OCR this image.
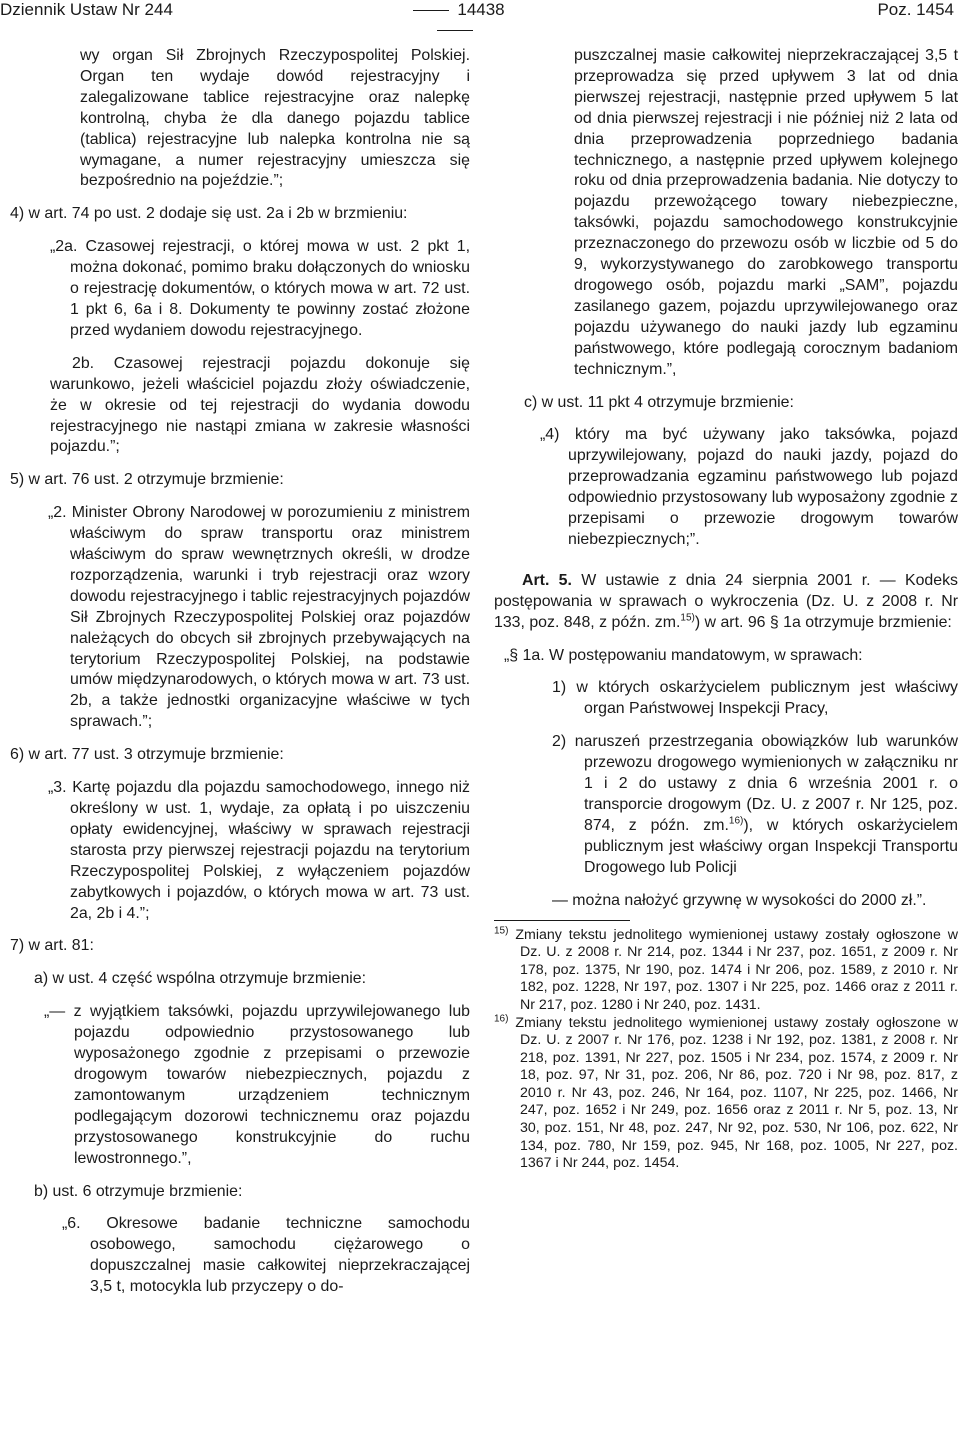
Dziennik Ustaw Nr 244	14438	Poz. 1454

wy organ Sił Zbrojnych Rzeczypospolitej Polskiej. Organ ten wydaje dowód rejestracyjny i zalegalizowane tablice rejestracyjne oraz nalepkę kontrolną, chyba że dla danego pojazdu tablice (tablica) rejestracyjne lub nalepka kontrolna nie są wymagane, a numer rejestracyjny umieszcza się bezpośrednio na pojeździe.”;

4) w art. 74 po ust. 2 dodaje się ust. 2a i 2b w brzmieniu:

„2a. Czasowej rejestracji, o której mowa w ust. 2 pkt 1, można dokonać, pomimo braku dołączonych do wniosku o rejestrację dokumentów, o których mowa w art. 72 ust. 1 pkt 6, 6a i 8. Dokumenty te powinny zostać złożone przed wydaniem dowodu rejestracyjnego.

2b. Czasowej rejestracji pojazdu dokonuje się warunkowo, jeżeli właściciel pojazdu złoży oświadczenie, że w okresie od tej rejestracji do wydania dowodu rejestracyjnego nie nastąpi zmiana w zakresie własności pojazdu.”;

5) w art. 76 ust. 2 otrzymuje brzmienie:

„2. Minister Obrony Narodowej w porozumieniu z ministrem właściwym do spraw transportu oraz ministrem właściwym do spraw wewnętrznych określi, w drodze rozporządzenia, warunki i tryb rejestracji oraz wzory dowodu rejestracyjnego i tablic rejestracyjnych pojazdów Sił Zbrojnych Rzeczypospolitej Polskiej oraz pojazdów należących do obcych sił zbrojnych przebywających na terytorium Rzeczypospolitej Polskiej, na podstawie umów międzynarodowych, o których mowa w art. 73 ust. 2b, a także jednostki organizacyjne właściwe w tych sprawach.”;

6) w art. 77 ust. 3 otrzymuje brzmienie:

„3. Kartę pojazdu dla pojazdu samochodowego, innego niż określony w ust. 1, wydaje, za opłatą i po uiszczeniu opłaty ewidencyjnej, właściwy w sprawach rejestracji starosta przy pierwszej rejestracji pojazdu na terytorium Rzeczypospolitej Polskiej, z wyłączeniem pojazdów zabytkowych i pojazdów, o których mowa w art. 73 ust. 2a, 2b i 4.”;

7) w art. 81:

a) w ust. 4 część wspólna otrzymuje brzmienie:

„— z wyjątkiem taksówki, pojazdu uprzywilejowanego lub pojazdu odpowiednio przystosowanego lub wyposażonego zgodnie z przepisami o przewozie drogowym towarów niebezpiecznych, pojazdu z zamontowanym urządzeniem technicznym podlegającym dozorowi technicznemu oraz pojazdu przystosowanego konstrukcyjnie do ruchu lewostronnego.”,

b) ust. 6 otrzymuje brzmienie:

„6. Okresowe badanie techniczne samochodu osobowego, samochodu ciężarowego o dopuszczalnej masie całkowitej nieprzekraczającej 3,5 t, motocykla lub przyczepy o do-

puszczalnej masie całkowitej nieprzekraczającej 3,5 t przeprowadza się przed upływem 3 lat od dnia pierwszej rejestracji, następnie przed upływem 5 lat od dnia pierwszej rejestracji i nie później niż 2 lata od dnia przeprowadzenia poprzedniego badania technicznego, a następnie przed upływem kolejnego roku od dnia przeprowadzenia badania. Nie dotyczy to pojazdu przewożącego towary niebezpieczne, taksówki, pojazdu samochodowego konstrukcyjnie przeznaczonego do przewozu osób w liczbie od 5 do 9, wykorzystywanego do zarobkowego transportu drogowego osób, pojazdu marki „SAM”, pojazdu zasilanego gazem, pojazdu uprzywilejowanego oraz pojazdu używanego do nauki jazdy lub egzaminu państwowego, które podlegają corocznym badaniom technicznym.”,

c) w ust. 11 pkt 4 otrzymuje brzmienie:

„4) który ma być używany jako taksówka, pojazd uprzywilejowany, pojazd do nauki jazdy, pojazd do przeprowadzania egzaminu państwowego lub pojazd odpowiednio przystosowany lub wyposażony zgodnie z przepisami o przewozie drogowym towarów niebezpiecznych;”.

Art. 5. W ustawie z dnia 24 sierpnia 2001 r. — Kodeks postępowania w sprawach o wykroczenia (Dz. U. z 2008 r. Nr 133, poz. 848, z późn. zm.$^{15)}$) w art. 96 § 1a otrzymuje brzmienie:

„§ 1a. W postępowaniu mandatowym, w sprawach:

1) w których oskarżycielem publicznym jest właściwy organ Państwowej Inspekcji Pracy,

2) naruszeń przestrzegania obowiązków lub warunków przewozu drogowego wymienionych w załączniku nr 1 i 2 do ustawy z dnia 6 września 2001 r. o transporcie drogowym (Dz. U. z 2007 r. Nr 125, poz. 874, z późn. zm.$^{16)}$), w których oskarżycielem publicznym jest właściwy organ Inspekcji Transportu Drogowego lub Policji

— można nałożyć grzywnę w wysokości do 2000 zł.”.

$^{15)}$ Zmiany tekstu jednolitego wymienionej ustawy zostały ogłoszone w Dz. U. z 2008 r. Nr 214, poz. 1344 i Nr 237, poz. 1651, z 2009 r. Nr 178, poz. 1375, Nr 190, poz. 1474 i Nr 206, poz. 1589, z 2010 r. Nr 182, poz. 1228, Nr 197, poz. 1307 i Nr 225, poz. 1466 oraz z 2011 r. Nr 217, poz. 1280 i Nr 240, poz. 1431.

$^{16)}$ Zmiany tekstu jednolitego wymienionej ustawy zostały ogłoszone w Dz. U. z 2007 r. Nr 176, poz. 1238 i Nr 192, poz. 1381, z 2008 r. Nr 218, poz. 1391, Nr 227, poz. 1505 i Nr 234, poz. 1574, z 2009 r. Nr 18, poz. 97, Nr 31, poz. 206, Nr 86, poz. 720 i Nr 98, poz. 817, z 2010 r. Nr 43, poz. 246, Nr 164, poz. 1107, Nr 225, poz. 1466, Nr 247, poz. 1652 i Nr 249, poz. 1656 oraz z 2011 r. Nr 5, poz. 13, Nr 30, poz. 151, Nr 48, poz. 247, Nr 92, poz. 530, Nr 106, poz. 622, Nr 134, poz. 780, Nr 159, poz. 945, Nr 168, poz. 1005, Nr 227, poz. 1367 i Nr 244, poz. 1454.
